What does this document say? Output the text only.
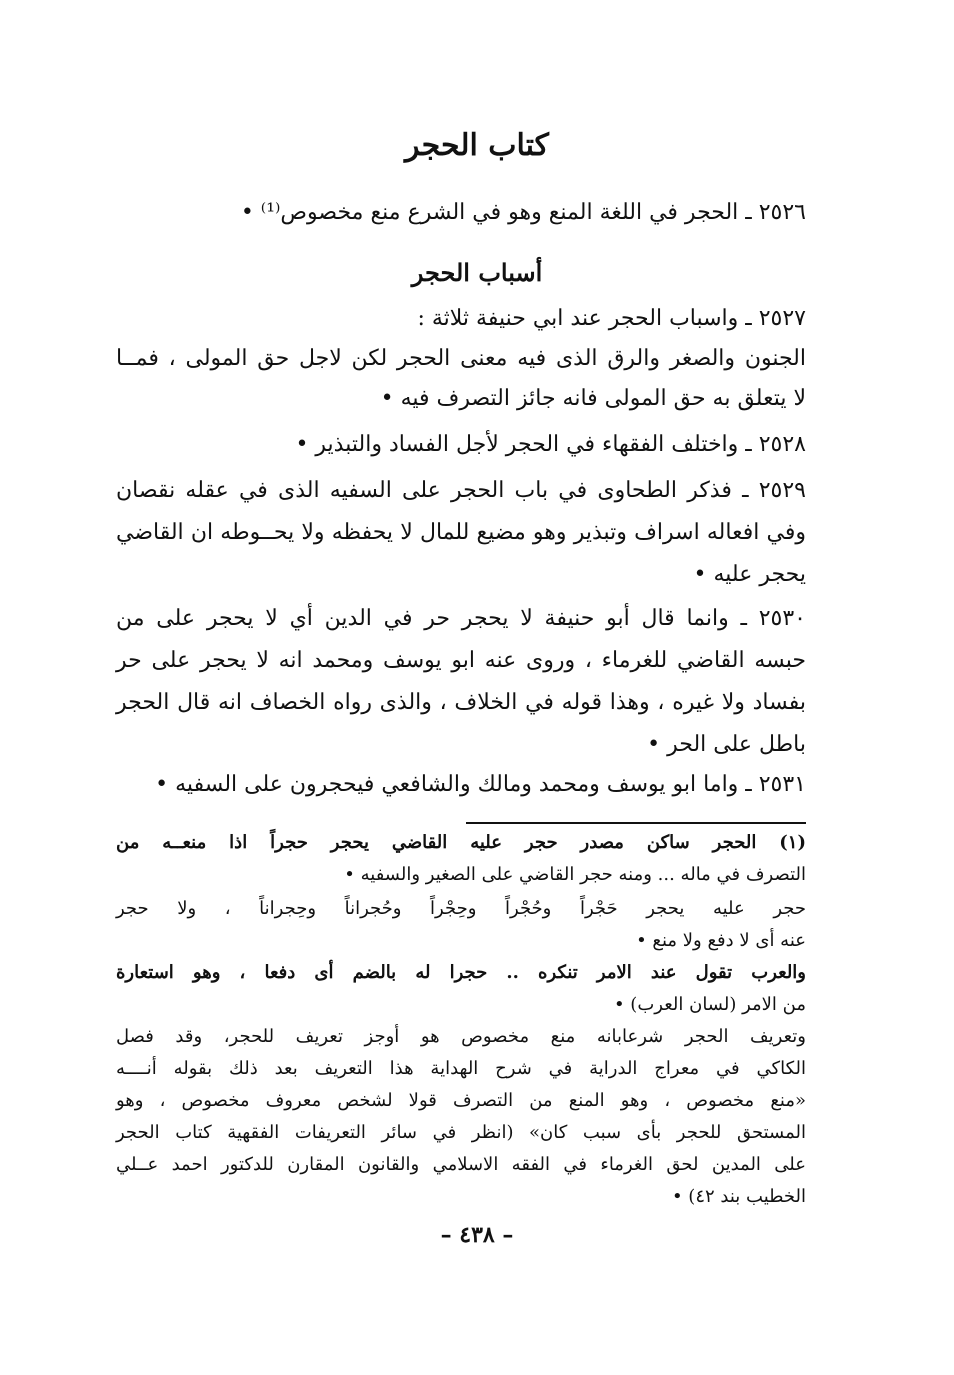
كتاب الحجر
٢٥٢٦ ـ الحجر في اللغة المنع وهو في الشرع منع مخصوص⁽¹⁾ •
أسباب الحجر
٢٥٢٧ ـ واسباب الحجر عند ابي حنيفة ثلاثة :
الجنون والصغر والرق الذى فيه معنى الحجر لكن لاجل حق المولى ، فمــا
لا يتعلق به حق المولى فانه جائز التصرف فيه •
٢٥٢٨ ـ واختلف الفقهاء في الحجر لأجل الفساد والتبذير •
٢٥٢٩ ـ فذكر الطحاوى في باب الحجر على السفيه الذى في عقله نقصان
وفي افعاله اسراف وتبذير وهو مضيع للمال لا يحفظه ولا يحــوطه ان القاضي
يحجر عليه •
٢٥٣٠ ـ وانما قال أبو حنيفة لا يحجر حر في الدين أي لا يحجر على من
حبسه القاضي للغرماء ، وروى عنه ابو يوسف ومحمد انه لا يحجر على حر
بفساد ولا غيره ، وهذا قوله في الخلاف ، والذى رواه الخصاف انه قال الحجر
باطل على الحر •
٢٥٣١ ـ واما ابو يوسف ومحمد ومالك والشافعي فيحجرون على السفيه •
(١) الحجر ساكن مصدر حجر عليه القاضي يحجر حجراً اذا منعــه من
التصرف في ماله ... ومنه حجر القاضي على الصغير والسفيه •
حجر عليه يحجر حَجْراً وحُجْراً وحِجْراً وحُجراناً وحِجراناً ، ولا حجر
عنه أى لا دفع ولا منع •
والعرب تقول عند الامر تنكره .. حجرا له بالضم أى دفعا ، وهو استعارة
من الامر (لسان العرب) •
وتعريف الحجر شرعابانه منع مخصوص هو أوجز تعريف للحجر، وقد فصل
الكاكي في معراج الدراية في شرح الهداية هذا التعريف بعد ذلك بقوله أنــــه
«منع مخصوص ، وهو المنع من التصرف قولا لشخص معروف مخصوص ، وهو
المستحق للحجر بأى سبب كان» (انظر في سائر التعريفات الفقهية كتاب الحجر
على المدين لحق الغرماء في الفقه الاسلامي والقانون المقارن للدكتور احمد عــلي
الخطيب بند ٤٢) •
– ٤٣٨ –
